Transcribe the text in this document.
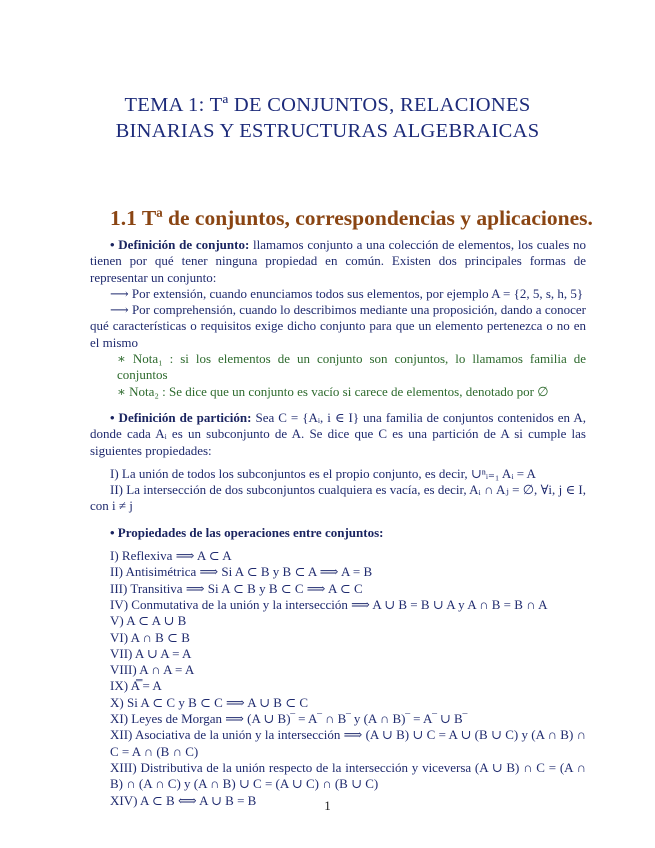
TEMA 1: Tª DE CONJUNTOS, RELACIONES
BINARIAS Y ESTRUCTURAS ALGEBRAICAS
1.1 Tª de conjuntos, correspondencias y aplicaciones.

• Definición de conjunto: llamamos conjunto a una colección de elementos, los cuales no tienen por qué tener ninguna propiedad en común. Existen dos principales formas de representar un conjunto:

⟶ Por extensión, cuando enunciamos todos sus elementos, por ejemplo A = {2, 5, s, h, 5}

⟶ Por comprehensión, cuando lo describimos mediante una proposición, dando a conocer qué características o requisitos exige dicho conjunto para que un elemento pertenezca o no en el mismo

∗ Nota₁ : si los elementos de un conjunto son conjuntos, lo llamamos familia de conjuntos

∗ Nota₂ : Se dice que un conjunto es vacío si carece de elementos, denotado por ∅

• Definición de partición: Sea C = {Aᵢ, i ∈ I} una familia de conjuntos contenidos en A, donde cada Aᵢ es un subconjunto de A. Se dice que C es una partición de A si cumple las siguientes propiedades:

I) La unión de todos los subconjuntos es el propio conjunto, es decir, ∪ⁿᵢ₌₁ Aᵢ = A

II) La intersección de dos subconjuntos cualquiera es vacía, es decir, Aᵢ ∩ Aⱼ = ∅, ∀i, j ∈ I, con i ≠ j

• Propiedades de las operaciones entre conjuntos:

I) Reflexiva ⟹ A ⊂ A

II) Antisimétrica ⟹ Si A ⊂ B y B ⊂ A ⟹ A = B

III) Transitiva ⟹ Si A ⊂ B y B ⊂ C ⟹ A ⊂ C

IV) Conmutativa de la unión y la intersección ⟹ A ∪ B = B ∪ A y A ∩ B = B ∩ A

V) A ⊂ A ∪ B

VI) A ∩ B ⊂ B

VII) A ∪ A = A

VIII) A ∩ A = A

IX) A̿ = A

X) Si A ⊂ C y B ⊂ C ⟹ A ∪ B ⊂ C

XI) Leyes de Morgan ⟹ (A ∪ B)‾ = A‾ ∩ B‾ y (A ∩ B)‾ = A‾ ∪ B‾

XII) Asociativa de la unión y la intersección ⟹ (A ∪ B) ∪ C = A ∪ (B ∪ C) y (A ∩ B) ∩ C = A ∩ (B ∩ C)

XIII) Distributiva de la unión respecto de la intersección y viceversa (A ∪ B) ∩ C = (A ∩ B) ∩ (A ∩ C) y (A ∩ B) ∪ C = (A ∪ C) ∩ (B ∪ C)

XIV) A ⊂ B ⟺ A ∪ B = B	1
